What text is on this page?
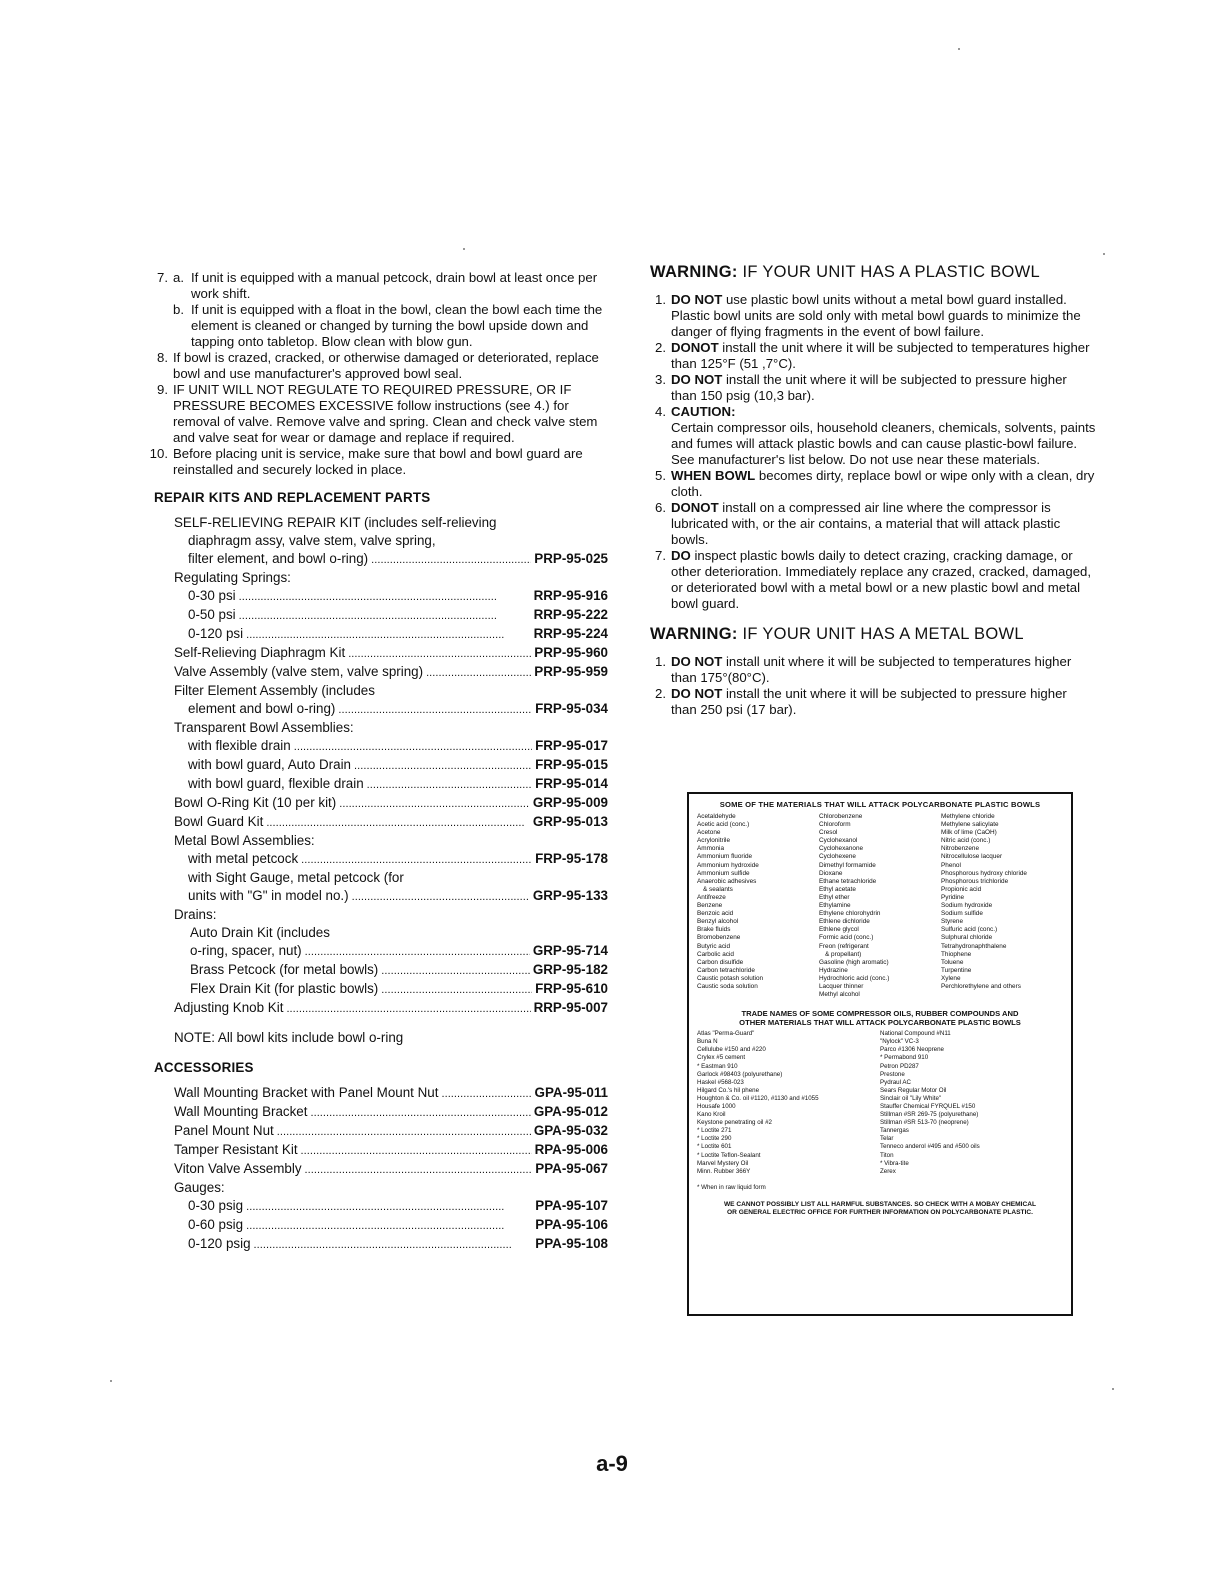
7. a. If unit is equipped with a manual petcock, drain bowl at least once per work shift.
b. If unit is equipped with a float in the bowl, clean the bowl each time the element is cleaned or changed by turning the bowl upside down and tapping onto tabletop. Blow clean with blow gun.
8. If bowl is crazed, cracked, or otherwise damaged or deteriorated, replace bowl and use manufacturer's approved bowl seal.
9. IF UNIT WILL NOT REGULATE TO REQUIRED PRESSURE, OR IF PRESSURE BECOMES EXCESSIVE follow instructions (see 4.) for removal of valve. Remove valve and spring. Clean and check valve stem and valve seat for wear or damage and replace if required.
10. Before placing unit is service, make sure that bowl and bowl guard are reinstalled and securely locked in place.
REPAIR KITS AND REPLACEMENT PARTS
SELF-RELIEVING REPAIR KIT (includes self-relieving
diaphragm assy, valve stem, valve spring,
filter element, and bowl o-ring) . . .	PRP-95-025
Regulating Springs:
0-30 psi . . .	RRP-95-916
0-50 psi . . .	RRP-95-222
0-120 psi . . .	RRP-95-224
Self-Relieving Diaphragm Kit . . .	PRP-95-960
Valve Assembly (valve stem, valve spring) . . .	PRP-95-959
Filter Element Assembly (includes
element and bowl o-ring) . . .	FRP-95-034
Transparent Bowl Assemblies:
with flexible drain . . .	FRP-95-017
with bowl guard, Auto Drain . . .	FRP-95-015
with bowl guard, flexible drain . . .	FRP-95-014
Bowl O-Ring Kit (10 per kit) . . .	GRP-95-009
Bowl Guard Kit . . .	GRP-95-013
Metal Bowl Assemblies:
with metal petcock . . .	FRP-95-178
with Sight Gauge, metal petcock (for
units with "G" in model no.) . . .	GRP-95-133
Drains:
Auto Drain Kit (includes
o-ring, spacer, nut) . . .	GRP-95-714
Brass Petcock (for metal bowls) . . .	GRP-95-182
Flex Drain Kit (for plastic bowls) . . .	FRP-95-610
Adjusting Knob Kit . . .	RRP-95-007
NOTE: All bowl kits include bowl o-ring
ACCESSORIES
Wall Mounting Bracket with Panel Mount Nut . . .	GPA-95-011
Wall Mounting Bracket . . .	GPA-95-012
Panel Mount Nut . . .	GPA-95-032
Tamper Resistant Kit . . .	RPA-95-006
Viton Valve Assembly . . .	PPA-95-067
Gauges:
0-30 psig . . .	PPA-95-107
0-60 psig . . .	PPA-95-106
0-120 psig . . .	PPA-95-108
WARNING: IF YOUR UNIT HAS A PLASTIC BOWL
1. DO NOT use plastic bowl units without a metal bowl guard installed. Plastic bowl units are sold only with metal bowl guards to minimize the danger of flying fragments in the event of bowl failure.
2. DONOT install the unit where it will be subjected to temperatures higher than 125°F (51 ,7°C).
3. DO NOT install the unit where it will be subjected to pressure higher than 150 psig (10,3 bar).
4. CAUTION:
Certain compressor oils, household cleaners, chemicals, solvents, paints and fumes will attack plastic bowls and can cause plastic-bowl failure. See manufacturer's list below. Do not use near these materials.
5. WHEN BOWL becomes dirty, replace bowl or wipe only with a clean, dry cloth.
6. DONOT install on a compressed air line where the compressor is lubricated with, or the air contains, a material that will attack plastic bowls.
7. DO inspect plastic bowls daily to detect crazing, cracking damage, or other deterioration. Immediately replace any crazed, cracked, damaged, or deteriorated bowl with a metal bowl or a new plastic bowl and metal bowl guard.
WARNING: IF YOUR UNIT HAS A METAL BOWL
1. DO NOT install unit where it will be subjected to temperatures higher than 175°(80°C).
2. DO NOT install the unit where it will be subjected to pressure higher than 250 psi (17 bar).
SOME OF THE MATERIALS THAT WILL ATTACK POLYCARBONATE PLASTIC BOWLS
Acetaldehyde
Acetic acid (conc.)
Acetone
Acrylonitrile
Ammonia
Ammonium fluoride
Ammonium hydroxide
Ammonium sulfide
Anaerobic adhesives
& sealants
Antifreeze
Benzene
Benzoic acid
Benzyl alcohol
Brake fluids
Bromobenzene
Butyric acid
Carbolic acid
Carbon disulfide
Carbon tetrachloride
Caustic potash solution
Caustic soda solution
Chlorobenzene
Chloroform
Cresol
Cyclohexanol
Cyclohexanone
Cyclohexene
Dimethyl formamide
Dioxane
Ethane tetrachloride
Ethyl acetate
Ethyl ether
Ethylamine
Ethylene chlorohydrin
Ethlene dichloride
Ethlene glycol
Formic acid (conc.)
Freon (refrigerant
& propellant)
Gasoline (high aromatic)
Hydrazine
Hydrochloric acid (conc.)
Lacquer thinner
Methyl alcohol
Methylene chloride
Methylene salicylate
Milk of lime (CaOH)
Nitric acid (conc.)
Nitrobenzene
Nitrocellulose lacquer
Phenol
Phosphorous hydroxy chloride
Phosphorous trichloride
Propionic acid
Pyridine
Sodium hydroxide
Sodium sulfide
Styrene
Sulfuric acid (conc.)
Sulphural chloride
Tetrahydronaphthalene
Thiophene
Toluene
Turpentine
Xylene
Perchlorethylene and others
TRADE NAMES OF SOME COMPRESSOR OILS, RUBBER COMPOUNDS AND
OTHER MATERIALS THAT WILL ATTACK POLYCARBONATE PLASTIC BOWLS
Atlas "Perma-Guard"
Buna N
Cellulube #150 and #220
Crylex #5 cement
* Eastman 910
Garlock #98403 (polyurethane)
Haskel #568-023
Hilgard Co.'s hil phene
Houghton & Co. oil #1120, #1130 and #1055
Housafe 1000
Kano Kroil
Keystone penetrating oil #2
* Loctite 271
* Loctite 290
* Loctite 601
* Loctite Teflon-Sealant
Marvel Mystery Oil
Minn. Rubber 366Y
National Compound #N11
"Nylock" VC-3
Parco #1306 Neoprene
* Permabond 910
Petron PD287
Prestone
Pydraul AC
Sears Regular Motor Oil
Sinclair oil "Lily White"
Stauffer Chemical FYRQUEL #150
Stillman #SR 269-75 (polyurethane)
Stillman #SR 513-70 (neoprene)
Tannergas
Telar
Tenneco anderol #495 and #500 oils
Titon
* Vibra-tite
Zerex
* When in raw liquid form
WE CANNOT POSSIBLY LIST ALL HARMFUL SUBSTANCES. SO CHECK WITH A MOBAY CHEMICAL
OR GENERAL ELECTRIC OFFICE FOR FURTHER INFORMATION ON POLYCARBONATE PLASTIC.
a-9
